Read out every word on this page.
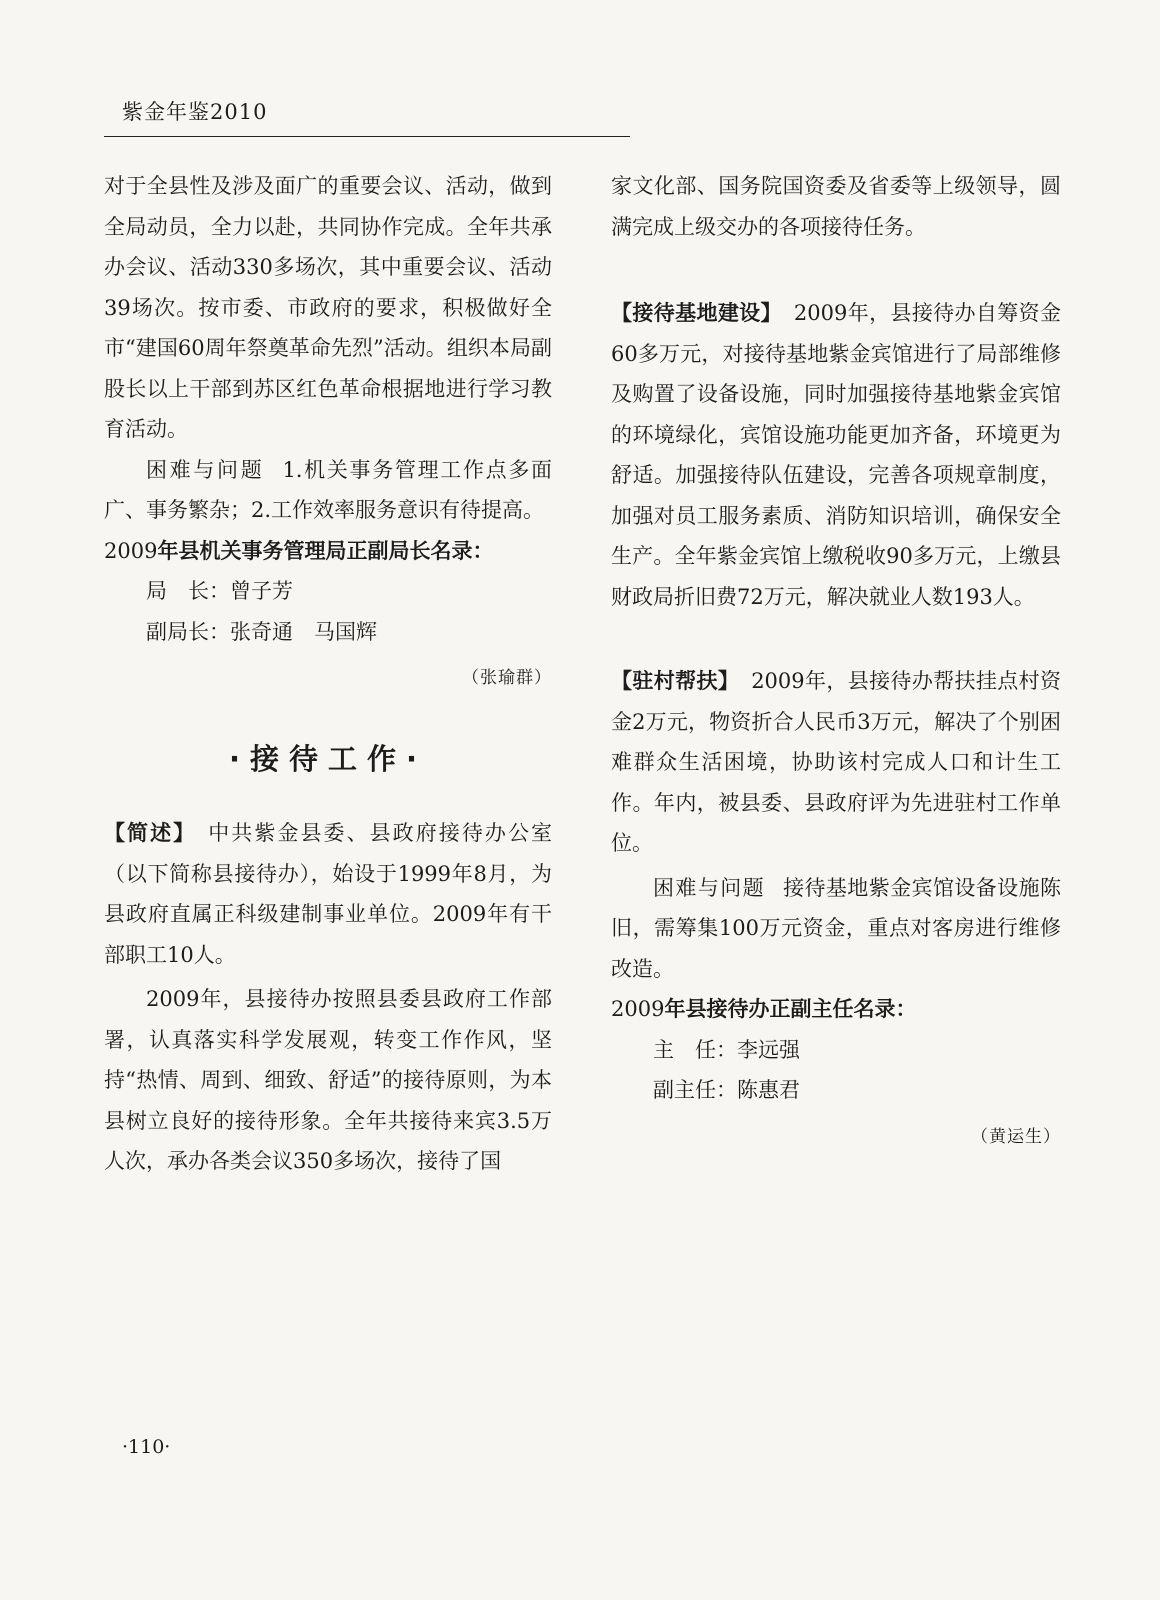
紫金年鉴2010

对于全县性及涉及面广的重要会议、活动，做到全局动员，全力以赴，共同协作完成。全年共承办会议、活动330多场次，其中重要会议、活动39场次。按市委、市政府的要求，积极做好全市“建国60周年祭奠革命先烈”活动。组织本局副股长以上干部到苏区红色革命根据地进行学习教育活动。

困难与问题 1.机关事务管理工作点多面广、事务繁杂；2.工作效率服务意识有待提高。

2009年县机关事务管理局正副局长名录：

局　长：曾子芳

副局长：张奇通　马国辉

（张瑜群）

·接待工作·

【简述】 中共紫金县委、县政府接待办公室（以下简称县接待办），始设于1999年8月，为县政府直属正科级建制事业单位。2009年有干部职工10人。

2009年，县接待办按照县委县政府工作部署，认真落实科学发展观，转变工作作风，坚持“热情、周到、细致、舒适”的接待原则，为本县树立良好的接待形象。全年共接待来宾3.5万人次，承办各类会议350多场次，接待了国

家文化部、国务院国资委及省委等上级领导，圆满完成上级交办的各项接待任务。

【接待基地建设】 2009年，县接待办自筹资金60多万元，对接待基地紫金宾馆进行了局部维修及购置了设备设施，同时加强接待基地紫金宾馆的环境绿化，宾馆设施功能更加齐备，环境更为舒适。加强接待队伍建设，完善各项规章制度，加强对员工服务素质、消防知识培训，确保安全生产。全年紫金宾馆上缴税收90多万元，上缴县财政局折旧费72万元，解决就业人数193人。

【驻村帮扶】 2009年，县接待办帮扶挂点村资金2万元，物资折合人民币3万元，解决了个别困难群众生活困境，协助该村完成人口和计生工作。年内，被县委、县政府评为先进驻村工作单位。

困难与问题 接待基地紫金宾馆设备设施陈旧，需筹集100万元资金，重点对客房进行维修改造。

2009年县接待办正副主任名录：

主　任：李远强

副主任：陈惠君

（黄运生）

·110·
